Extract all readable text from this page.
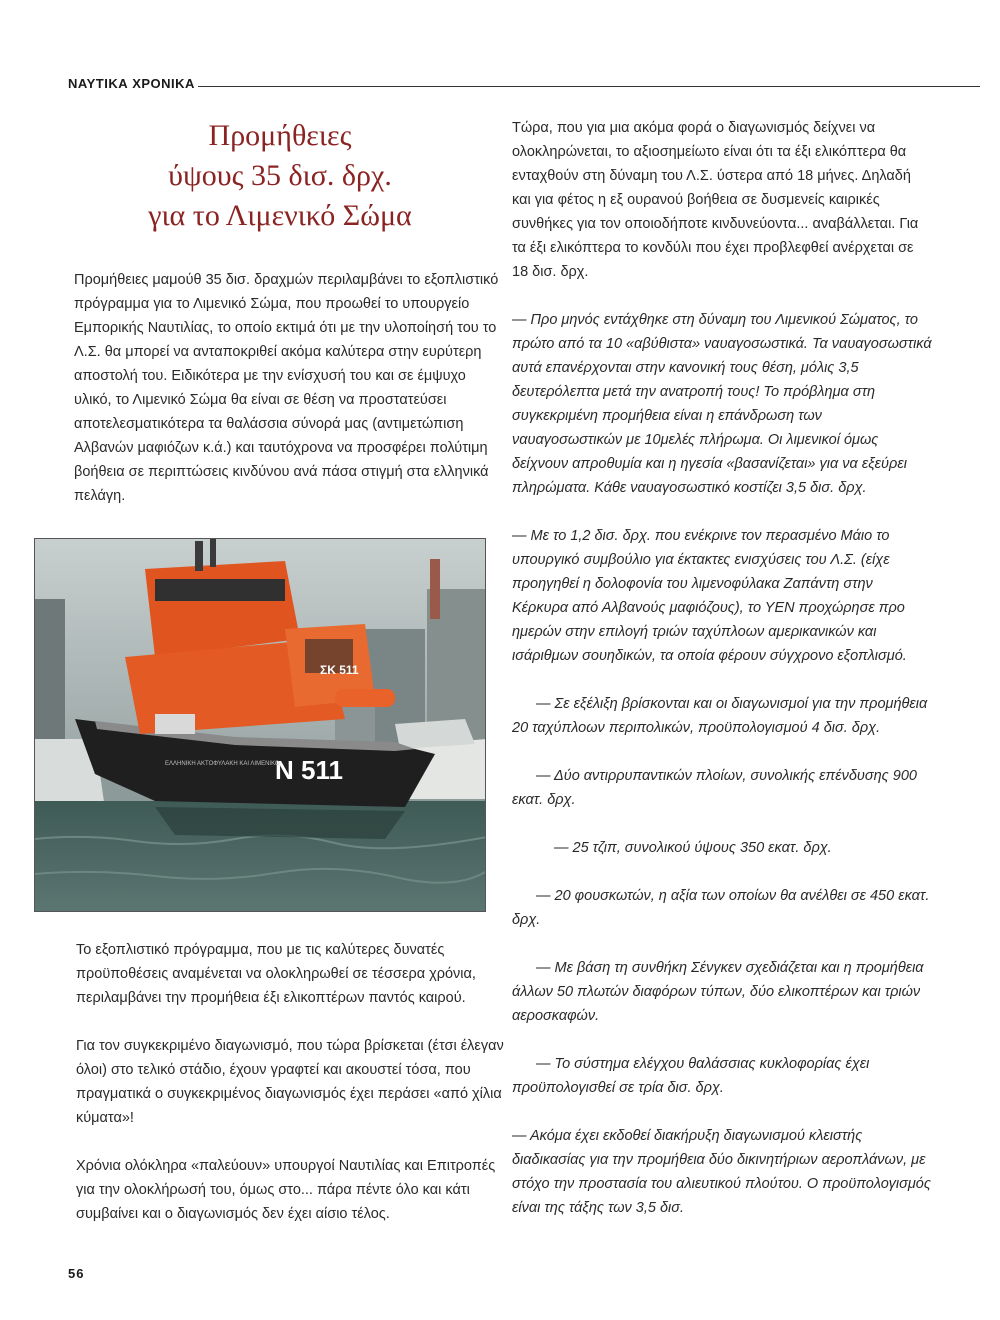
ΝΑΥΤΙΚΑ ΧΡΟΝΙΚΑ
Προμήθειες
ύψους 35 δισ. δρχ.
για το Λιμενικό Σώμα

Προμήθειες μαμούθ 35 δισ. δραχμών περιλαμβάνει το εξοπλιστικό πρόγραμμα για το Λιμενικό Σώμα, που προωθεί το υπουργείο Εμπορικής Ναυτιλίας, το οποίο εκτιμά ότι με την υλοποίησή του το Λ.Σ. θα μπορεί να ανταποκριθεί ακόμα καλύτερα στην ευρύτερη αποστολή του. Ειδικότερα με την ενίσχυσή του και σε έμψυχο υλικό, το Λιμενικό Σώμα θα είναι σε θέση να προστατεύσει αποτελεσματικότερα τα θαλάσσια σύνορά μας (αντιμετώπιση Αλβανών μαφιόζων κ.ά.) και ταυτόχρονα να προσφέρει πολύτιμη βοήθεια σε περιπτώσεις κινδύνου ανά πάσα στιγμή στα ελληνικά πελάγη.

N 511
ΣΚ 511
ΕΛΛΗΝΙΚΗ ΑΚΤΟΦΥΛΑΚΗ ΚΑΙ ΛΙΜΕΝΙΚΟ

Το εξοπλιστικό πρόγραμμα, που με τις καλύτερες δυνατές προϋποθέσεις αναμένεται να ολοκληρωθεί σε τέσσερα χρόνια, περιλαμβάνει την προμήθεια έξι ελικοπτέρων παντός καιρού.

Για τον συγκεκριμένο διαγωνισμό, που τώρα βρίσκεται (έτσι έλεγαν όλοι) στο τελικό στάδιο, έχουν γραφτεί και ακουστεί τόσα, που πραγματικά ο συγκεκριμένος διαγωνισμός έχει περάσει «από χίλια κύματα»!

Χρόνια ολόκληρα «παλεύουν» υπουργοί Ναυτιλίας και Επιτροπές για την ολοκλήρωσή του, όμως στο... πάρα πέντε όλο και κάτι συμβαίνει και ο διαγωνισμός δεν έχει αίσιο τέλος.

Τώρα, που για μια ακόμα φορά ο διαγωνισμός δείχνει να ολοκληρώνεται, το αξιοσημείωτο είναι ότι τα έξι ελικόπτερα θα ενταχθούν στη δύναμη του Λ.Σ. ύστερα από 18 μήνες. Δηλαδή και για φέτος η εξ ουρανού βοήθεια σε δυσμενείς καιρικές συνθήκες για τον οποιοδήποτε κινδυνεύοντα... αναβάλλεται. Για τα έξι ελικόπτερα το κονδύλι που έχει προβλεφθεί ανέρχεται σε 18 δισ. δρχ.

— Προ μηνός εντάχθηκε στη δύναμη του Λιμενικού Σώματος, το πρώτο από τα 10 «αβύθιστα» ναυαγοσωστικά. Τα ναυαγοσωστικά αυτά επανέρχονται στην κανονική τους θέση, μόλις 3,5 δευτερόλεπτα μετά την ανατροπή τους! Το πρόβλημα στη συγκεκριμένη προμήθεια είναι η επάνδρωση των ναυαγοσωστικών με 10μελές πλήρωμα. Οι λιμενικοί όμως δείχνουν απροθυμία και η ηγεσία «βασανίζεται» για να εξεύρει πληρώματα. Κάθε ναυαγοσωστικό κοστίζει 3,5 δισ. δρχ.

— Με το 1,2 δισ. δρχ. που ενέκρινε τον περασμένο Μάιο το υπουργικό συμβούλιο για έκτακτες ενισχύσεις του Λ.Σ. (είχε προηγηθεί η δολοφονία του λιμενοφύλακα Ζαπάντη στην Κέρκυρα από Αλβανούς μαφιόζους), το ΥΕΝ προχώρησε προ ημερών στην επιλογή τριών ταχύπλοων αμερικανικών και ισάριθμων σουηδικών, τα οποία φέρουν σύγχρονο εξοπλισμό.

— Σε εξέλιξη βρίσκονται και οι διαγωνισμοί για την προμήθεια 20 ταχύπλοων περιπολικών, προϋπολογισμού 4 δισ. δρχ.

— Δύο αντιρρυπαντικών πλοίων, συνολικής επένδυσης 900 εκατ. δρχ.

— 25 τζιπ, συνολικού ύψους 350 εκατ. δρχ.

— 20 φουσκωτών, η αξία των οποίων θα ανέλθει σε 450 εκατ. δρχ.

— Με βάση τη συνθήκη Σένγκεν σχεδιάζεται και η προμήθεια άλλων 50 πλωτών διαφόρων τύπων, δύο ελικοπτέρων και τριών αεροσκαφών.

— Το σύστημα ελέγχου θαλάσσιας κυκλοφορίας έχει προϋπολογισθεί σε τρία δισ. δρχ.

— Ακόμα έχει εκδοθεί διακήρυξη διαγωνισμού κλειστής διαδικασίας για την προμήθεια δύο δικινητήριων αεροπλάνων, με στόχο την προστασία του αλιευτικού πλούτου. Ο προϋπολογισμός είναι της τάξης των 3,5 δισ.

56
